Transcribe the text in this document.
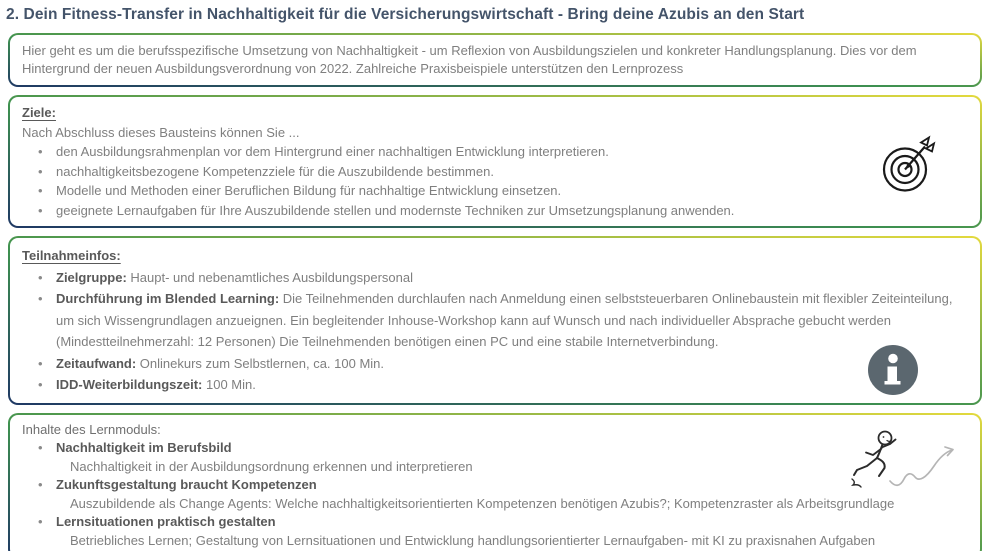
2. Dein Fitness-Transfer in Nachhaltigkeit für die Versicherungswirtschaft - Bring deine Azubis an den Start
Hier geht es um die berufsspezifische Umsetzung von Nachhaltigkeit - um Reflexion von Ausbildungszielen und konkreter Handlungsplanung. Dies vor dem Hintergrund der neuen Ausbildungsverordnung von 2022. Zahlreiche Praxisbeispiele unterstützen den Lernprozess
Ziele:
Nach Abschluss dieses Bausteins können Sie ...
• den Ausbildungsrahmenplan vor dem Hintergrund einer nachhaltigen Entwicklung interpretieren.
• nachhaltigkeitsbezogene Kompetenzziele für die Auszubildende bestimmen.
• Modelle und Methoden einer Beruflichen Bildung für nachhaltige Entwicklung einsetzen.
• geeignete Lernaufgaben für Ihre Auszubildende stellen und modernste Techniken zur Umsetzungsplanung anwenden.
Teilnahmeinfos:
• Zielgruppe: Haupt- und nebenamtliches Ausbildungspersonal
• Durchführung im Blended Learning: Die Teilnehmenden durchlaufen nach Anmeldung einen selbststeuerbaren Onlinebaustein mit flexibler Zeiteinteilung, um sich Wissengrundlagen anzueignen. Ein begleitender Inhouse-Workshop kann auf Wunsch und nach individueller Absprache gebucht werden (Mindestteilnehmerzahl: 12 Personen) Die Teilnehmenden benötigen einen PC und eine stabile Internetverbindung.
• Zeitaufwand: Onlinekurs zum Selbstlernen, ca. 100 Min.
• IDD-Weiterbildungszeit: 100 Min.
Inhalte des Lernmoduls:
• Nachhaltigkeit im Berufsbild
Nachhaltigkeit in der Ausbildungsordnung erkennen und interpretieren
• Zukunftsgestaltung braucht Kompetenzen
Auszubildende als Change Agents: Welche nachhaltigkeitsorientierten Kompetenzen benötigen Azubis?; Kompetenzraster als Arbeitsgrundlage
• Lernsituationen praktisch gestalten
Betriebliches Lernen; Gestaltung von Lernsituationen und Entwicklung handlungsorientierter Lernaufgaben- mit KI zu praxisnahen Aufgaben
